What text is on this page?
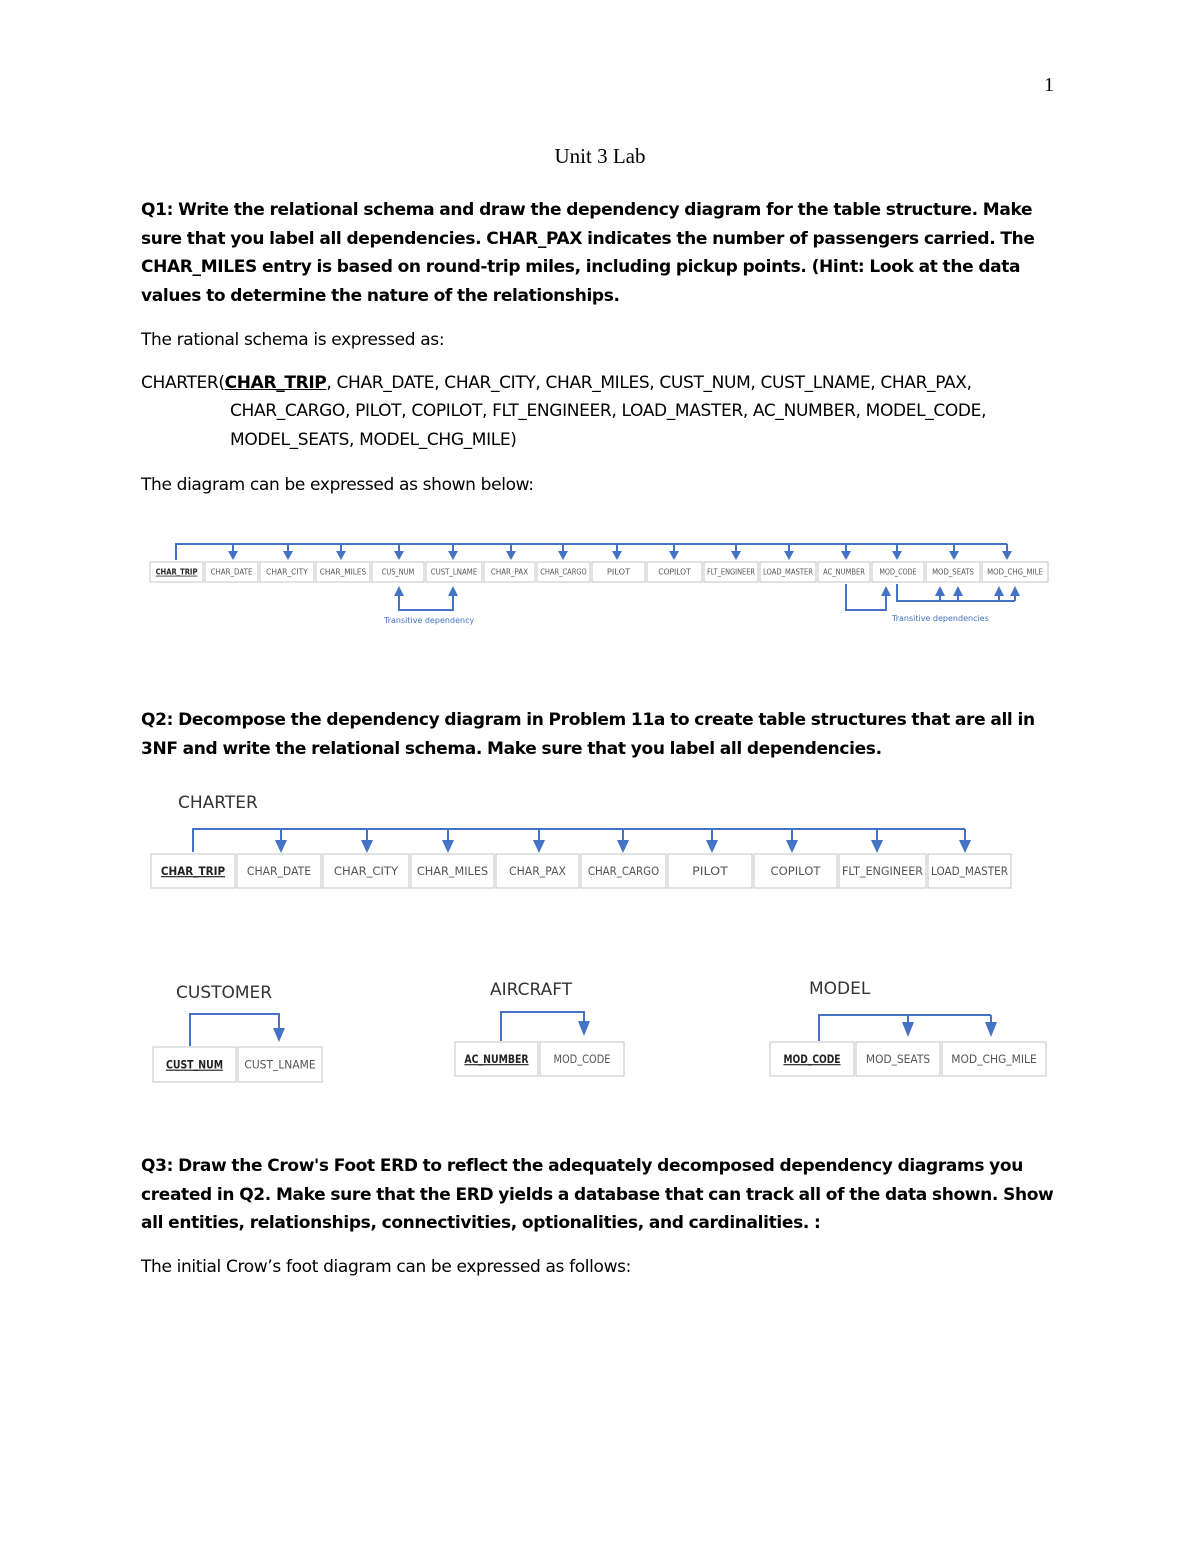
1
Unit 3 Lab

Q1: Write the relational schema and draw the dependency diagram for the table structure. Make sure that you label all dependencies. CHAR_PAX indicates the number of passengers carried. The CHAR_MILES entry is based on round-trip miles, including pickup points. (Hint: Look at the data values to determine the nature of the relationships.

The rational schema is expressed as:

CHARTER(CHAR_TRIP, CHAR_DATE, CHAR_CITY, CHAR_MILES, CUST_NUM, CUST_LNAME, CHAR_PAX,

CHAR_CARGO, PILOT, COPILOT, FLT_ENGINEER, LOAD_MASTER, AC_NUMBER, MODEL_CODE,

MODEL_SEATS, MODEL_CHG_MILE)

The diagram can be expressed as shown below:

CHAR_TRIP CHAR_DATE CHAR_CITY CHAR_MILES CUS_NUM CUST_LNAME CHAR_PAX CHAR_CARGO	PILOT	COPILOT FLT_ENGINEER LOAD_MASTER AC_NUMBER MOD_CODE MOD_SEATS MOD_CHG_MILE
Transitive dependency	Transitive dependencies

Q2: Decompose the dependency diagram in Problem 11a to create table structures that are all in 3NF and write the relational schema. Make sure that you label all dependencies.

CHARTER
CHAR_TRIP CHAR_DATE CHAR_CITY CHAR_MILES CHAR_PAX CHAR_CARGO	PILOT	COPILOT FLT_ENGINEER LOAD_MASTER
CUSTOMER
CUST_NUM CUST_LNAME
AIRCRAFT
AC_NUMBER MOD_CODE
MODEL
MOD_CODE MOD_SEATS MOD_CHG_MILE

Q3: Draw the Crow's Foot ERD to reflect the adequately decomposed dependency diagrams you created in Q2. Make sure that the ERD yields a database that can track all of the data shown. Show all entities, relationships, connectivities, optionalities, and cardinalities. :

The initial Crow’s foot diagram can be expressed as follows:
